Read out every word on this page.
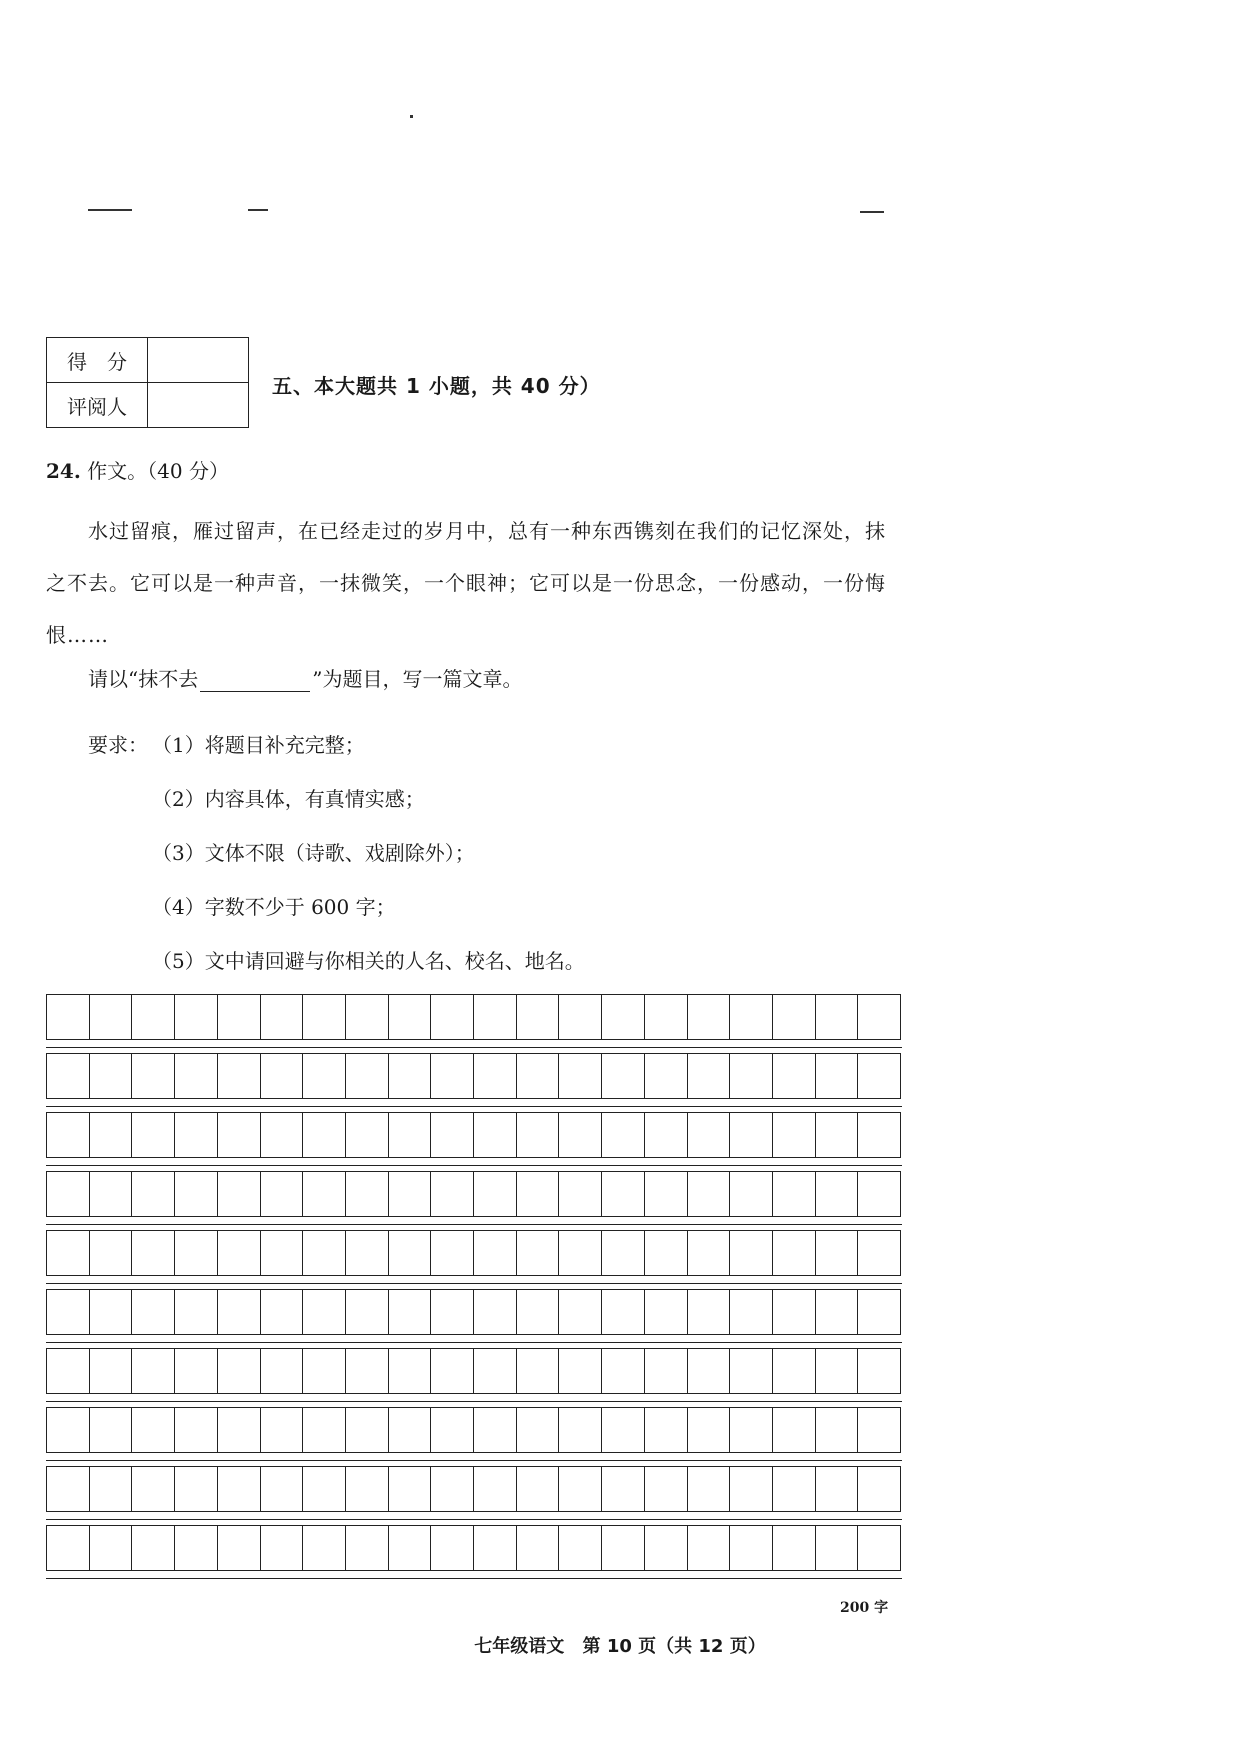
得　分	
评阅人	
五、本大题共 1 小题，共 40 分）
24. 作文。（40 分）
水过留痕，雁过留声，在已经走过的岁月中，总有一种东西镌刻在我们的记忆深处，抹之不去。它可以是一种声音，一抹微笑，一个眼神；它可以是一份思念，一份感动，一份悔恨……
请以“抹不去	”为题目，写一篇文章。
要求： （1）将题目补充完整；
（2）内容具体，有真情实感；
（3）文体不限（诗歌、戏剧除外）；
（4）字数不少于 600 字；
（5）文中请回避与你相关的人名、校名、地名。
200 字
七年级语文 第 10 页（共 12 页）
